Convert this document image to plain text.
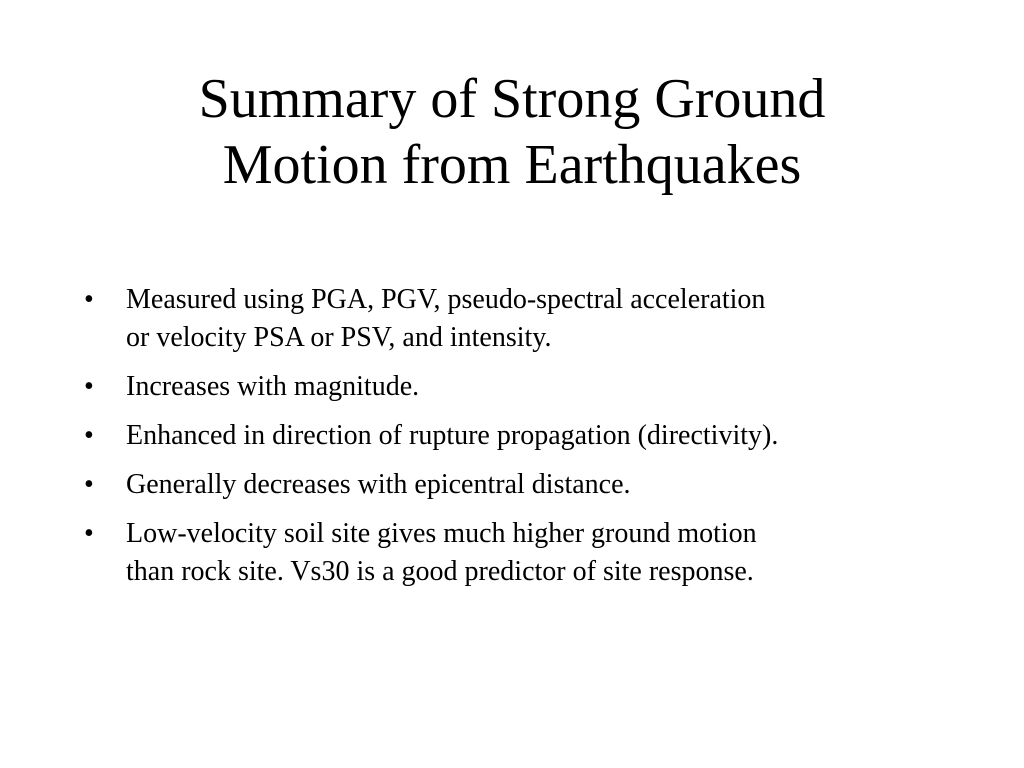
Summary of Strong Ground
Motion from Earthquakes
•	Measured using PGA, PGV, pseudo-spectral acceleration
or velocity PSA or PSV, and intensity.
•	Increases with magnitude.
•	Enhanced in direction of rupture propagation (directivity).
•	Generally decreases with epicentral distance.
•	Low-velocity soil site gives much higher ground motion
than rock site. Vs30 is a good predictor of site response.
